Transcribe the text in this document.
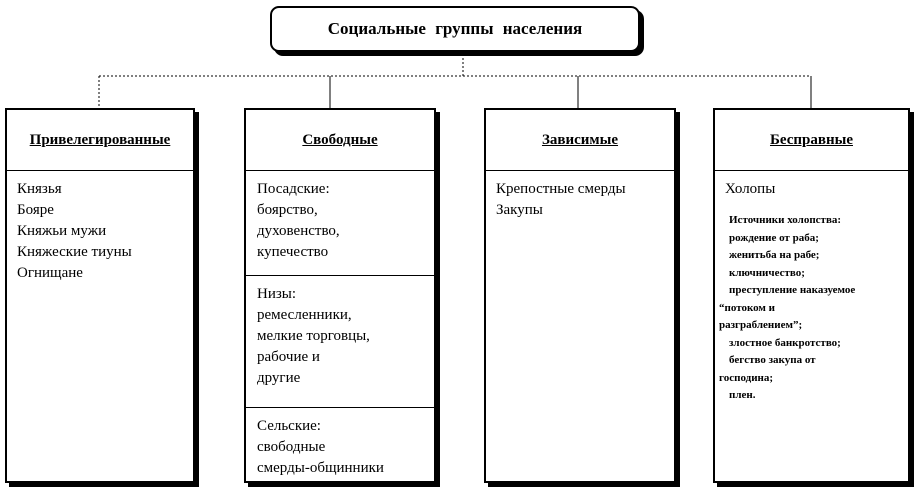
Социальные группы населения
Привелегированные
Князья
Бояре
Княжьи мужи
Княжеские тиуны
Огнищане
Свободные
Посадские:
боярство,
духовенство,
купечество
Низы:
ремесленники,
мелкие торговцы,
рабочие и
другие
Сельские:
свободные
смерды-общинники
Зависимые
Крепостные смерды
Закупы
Бесправные
Холопы
Источники холопства:
рождение от раба;
женитьба на рабе;
ключничество;
преступление наказуемое
“потоком и
разграблением”;
злостное банкротство;
бегство закупа от
господина;
плен.
